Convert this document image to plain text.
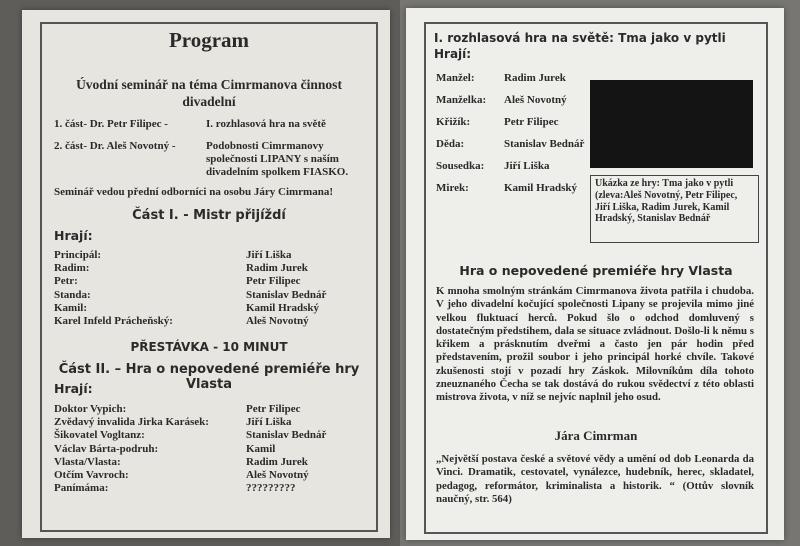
Program
Úvodní seminář na téma Cimrmanova činnost divadelní
1. část- Dr. Petr Filipec -	I. rozhlasová hra na světě
2. část- Dr. Aleš Novotný -	Podobnosti Cimrmanovy společnosti LIPANY s naším divadelním spolkem FIASKO.
Seminář vedou přední odborníci na osobu Járy Cimrmana!
Část I. - Mistr přijíždí
Hrají:
Principál:	Jiří Liška
Radim:	Radim Jurek
Petr:	Petr Filipec
Standa:	Stanislav Bednář
Kamil:	Kamil Hradský
Karel Infeld Prácheňský:	Aleš Novotný
PŘESTÁVKA - 10 MINUT
Část II. – Hra o nepovedené premiéře hry Vlasta
Hrají:
Doktor Vypich:	Petr Filipec
Zvědavý invalida Jirka Karásek:	Jiří Liška
Šikovatel Vogltanz:	Stanislav Bednář
Václav Bárta-podruh:	Kamil
Vlasta/Vlasta:	Radim Jurek
Otčím Vavroch:	Aleš Novotný
Panímáma:	?????????
I. rozhlasová hra na světě: Tma jako v pytli
Hrají:
Manžel:	Radim Jurek
Manželka: Aleš Novotný
Křižík:	Petr Filipec
Děda:	Stanislav Bednář
Sousedka: Jiří Liška
Mirek:	Kamil Hradský	Ukázka ze hry: Tma jako v pytli (zleva:Aleš Novotný, Petr Filipec, Jiří Liška, Radim Jurek, Kamil Hradský, Stanislav Bednář
Hra o nepovedené premiéře hry Vlasta
K mnoha smolným stránkám Cimrmanova života patřila i chudoba. V jeho divadelní kočující společnosti Lipany se projevila mimo jiné velkou fluktuací herců. Pokud šlo o odchod domluvený s dostatečným předstihem, dala se situace zvládnout. Došlo-li k němu s křikem a prásknutím dveřmi a často jen pár hodin před představením, prožil soubor i jeho principál horké chvíle. Takové zkušenosti stojí v pozadí hry Záskok. Milovníkům díla tohoto zneuznaného Čecha se tak dostává do rukou svědectví z této oblasti mistrova života, v níž se nejvíc naplnil jeho osud.
Jára Cimrman
„Největší postava české a světové vědy a umění od dob Leonarda da Vinci. Dramatik, cestovatel, vynálezce, hudebník, herec, skladatel, pedagog, reformátor, kriminalista a historik. “ (Ottův slovník naučný, str. 564)
